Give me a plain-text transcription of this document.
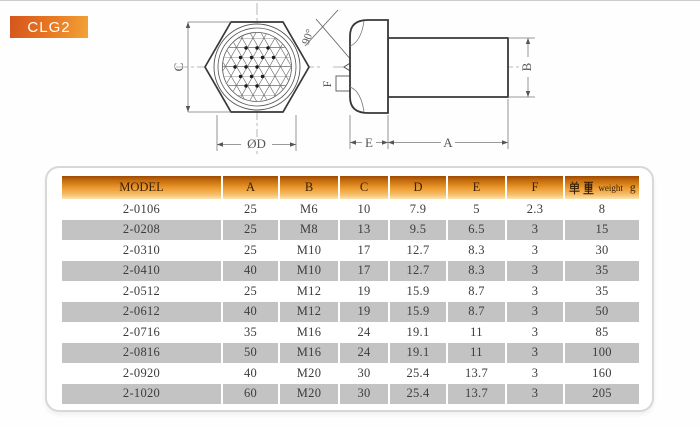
CLG2
C
ØD
90°
F
B
E	A
MODEL	A	B	C	D	E	F	weight g
2-0106	25	M6	10	7.9	5	2.3	8
2-0208	25	M8	13	9.5	6.5	3	15
2-0310	25	M10	17	12.7	8.3	3	30
2-0410	40	M10	17	12.7	8.3	3	35
2-0512	25	M12	19	15.9	8.7	3	35
2-0612	40	M12	19	15.9	8.7	3	50
2-0716	35	M16	24	19.1	11	3	85
2-0816	50	M16	24	19.1	11	3	100
2-0920	40	M20	30	25.4	13.7	3	160
2-1020	60	M20	30	25.4	13.7	3	205
